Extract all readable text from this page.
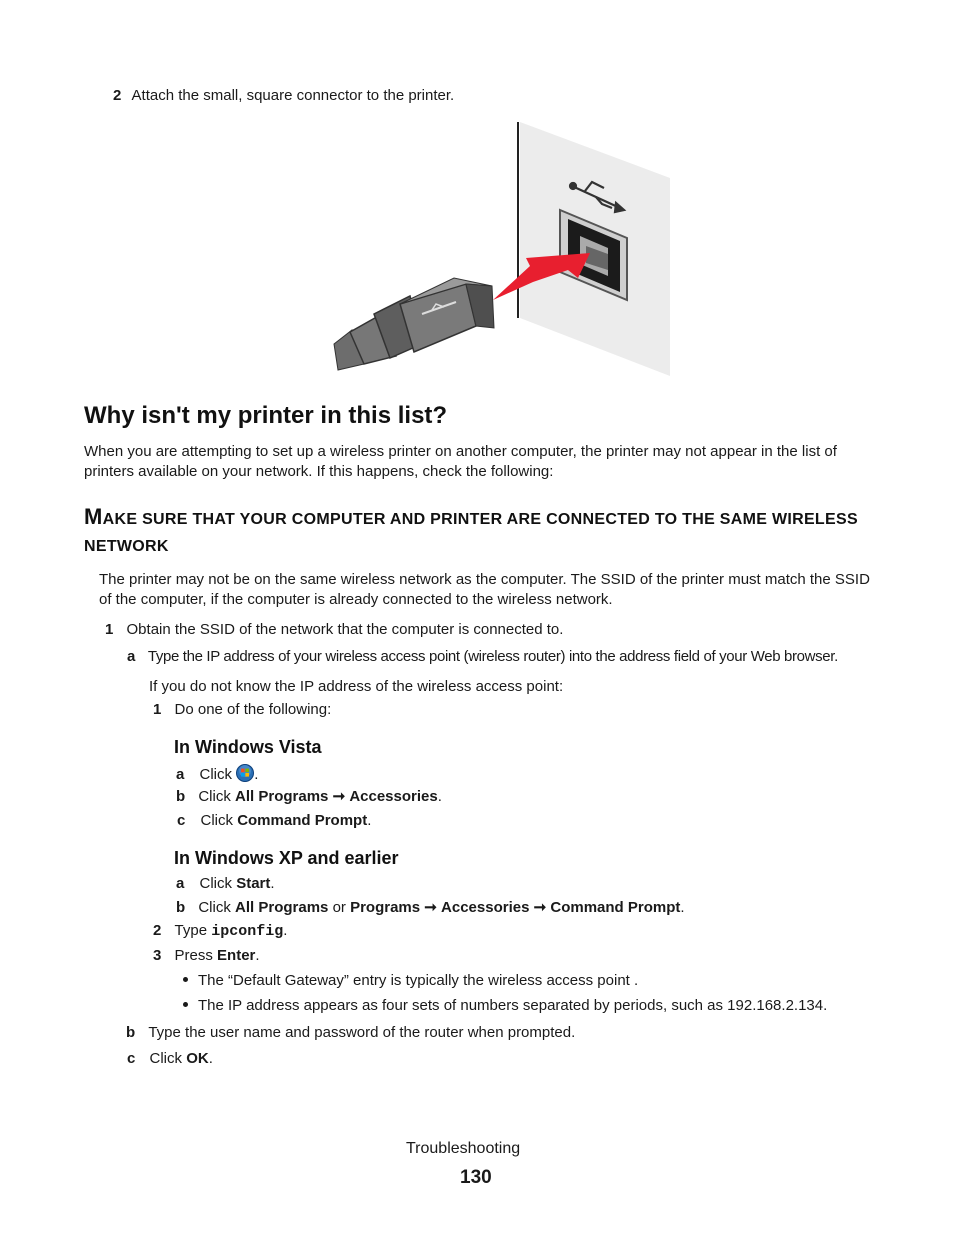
2 Attach the small, square connector to the printer.
Why isn't my printer in this list?
When you are attempting to set up a wireless printer on another computer, the printer may not appear in the list of printers available on your network. If this happens, check the following:
MAKE SURE THAT YOUR COMPUTER AND PRINTER ARE CONNECTED TO THE SAME WIRELESS
NETWORK
The printer may not be on the same wireless network as the computer. The SSID of the printer must match the SSID of the computer, if the computer is already connected to the wireless network.
1 Obtain the SSID of the network that the computer is connected to.
a Type the IP address of your wireless access point (wireless router) into the address field of your Web browser.
If you do not know the IP address of the wireless access point:
1 Do one of the following:
In Windows Vista
a Click .
b Click All Programs ➞ Accessories.
c Click Command Prompt.
In Windows XP and earlier
a Click Start.
b Click All Programs or Programs ➞ Accessories ➞ Command Prompt.
2 Type ipconfig.
3 Press Enter.
The “Default Gateway” entry is typically the wireless access point .
The IP address appears as four sets of numbers separated by periods, such as 192.168.2.134.
b Type the user name and password of the router when prompted.
c Click OK.
Troubleshooting
130
